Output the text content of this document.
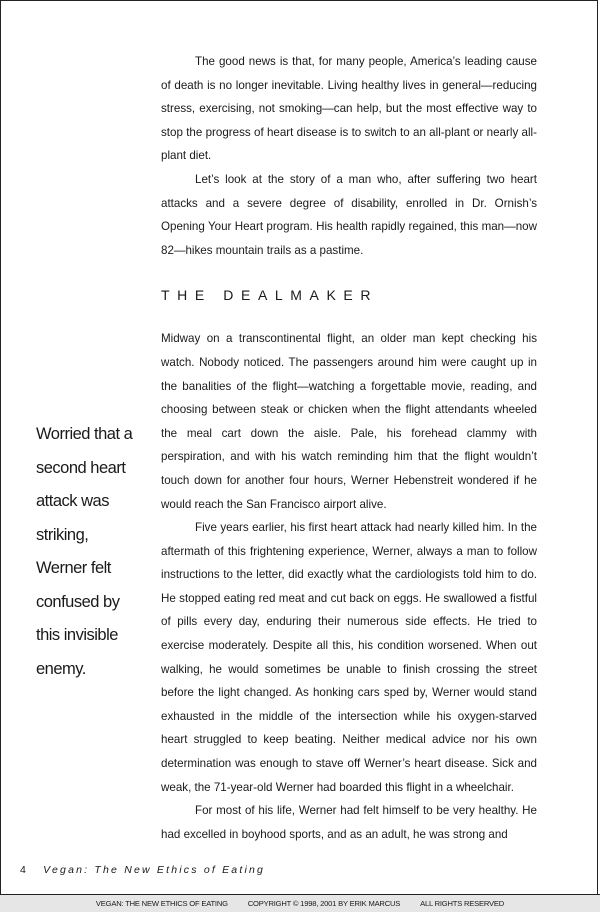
The good news is that, for many people, America’s leading cause of death is no longer inevitable. Living healthy lives in general—reducing stress, exercising, not smoking—can help, but the most effective way to stop the progress of heart disease is to switch to an all-plant or nearly all-plant diet.

Let’s look at the story of a man who, after suffering two heart attacks and a severe degree of disability, enrolled in Dr. Ornish’s Opening Your Heart program. His health rapidly regained, this man—now 82—hikes mountain trails as a pastime.

THE DEALMAKER

Midway on a transcontinental flight, an older man kept checking his watch. Nobody noticed. The passengers around him were caught up in the banalities of the flight—watching a forgettable movie, reading, and choosing between steak or chicken when the flight attendants wheeled the meal cart down the aisle. Pale, his forehead clammy with perspiration, and with his watch reminding him that the flight wouldn’t touch down for another four hours, Werner Hebenstreit wondered if he would reach the San Francisco airport alive.

Five years earlier, his first heart attack had nearly killed him. In the aftermath of this frightening experience, Werner, always a man to follow instructions to the letter, did exactly what the cardiologists told him to do. He stopped eating red meat and cut back on eggs. He swallowed a fistful of pills every day, enduring their numerous side effects. He tried to exercise moderately. Despite all this, his condition worsened. When out walking, he would sometimes be unable to finish crossing the street before the light changed. As honking cars sped by, Werner would stand exhausted in the middle of the intersection while his oxygen-starved heart struggled to keep beating. Neither medical advice nor his own determination was enough to stave off Werner’s heart disease. Sick and weak, the 71-year-old Werner had boarded this flight in a wheelchair.

For most of his life, Werner had felt himself to be very healthy. He had excelled in boyhood sports, and as an adult, he was strong and

Worried that a
second heart
attack was
striking,
Werner felt
confused by
this invisible
enemy.
4 Vegan: The New Ethics of Eating
VEGAN: THE NEW ETHICS OF EATING	COPYRIGHT © 1998, 2001 BY ERIK MARCUS	ALL RIGHTS RESERVED
